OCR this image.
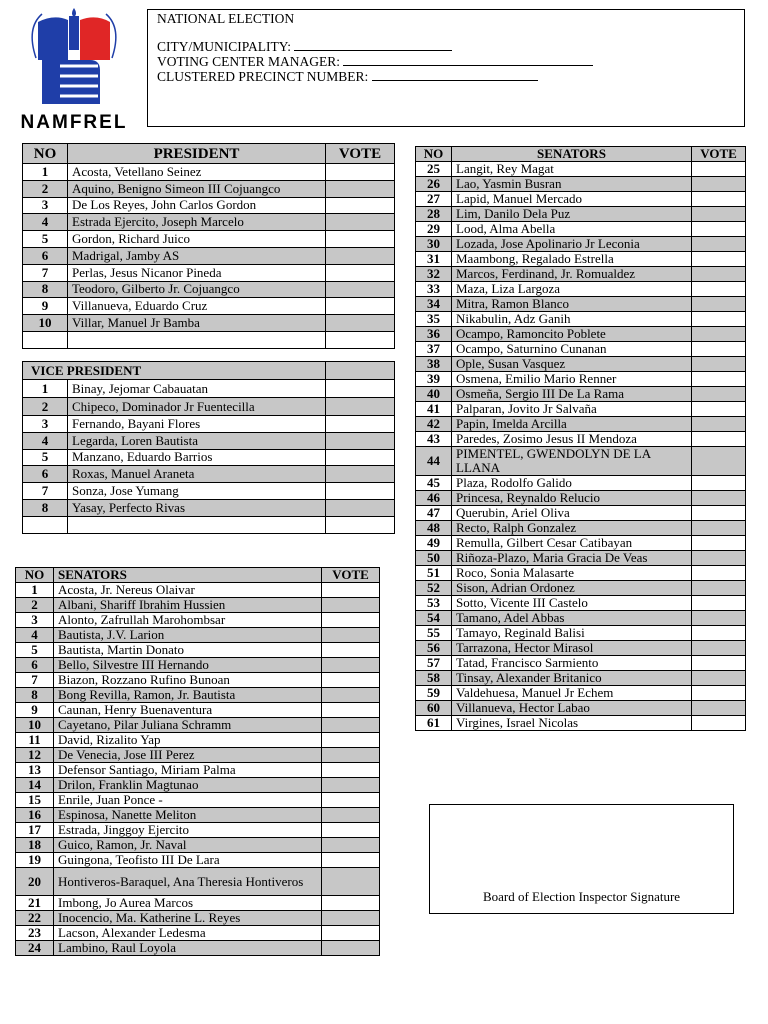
NAMFREL
NATIONAL ELECTION
CITY/MUNICIPALITY:
VOTING CENTER MANAGER:
CLUSTERED PRECINCT NUMBER:
NO	PRESIDENT	VOTE
1	Acosta, Vetellano Seinez	
2	Aquino, Benigno Simeon III Cojuangco	
3	De Los Reyes, John Carlos Gordon	
4	Estrada Ejercito, Joseph Marcelo	
5	Gordon, Richard Juico	
6	Madrigal, Jamby AS	
7	Perlas, Jesus Nicanor Pineda	
8	Teodoro, Gilberto Jr. Cojuangco	
9	Villanueva, Eduardo Cruz	
10	Villar, Manuel Jr Bamba	

VICE PRESIDENT		
1	Binay, Jejomar Cabauatan	
2	Chipeco, Dominador Jr Fuentecilla	
3	Fernando, Bayani Flores	
4	Legarda, Loren Bautista	
5	Manzano, Eduardo Barrios	
6	Roxas, Manuel Araneta	
7	Sonza, Jose Yumang	
8	Yasay, Perfecto Rivas	

NO	SENATORS	VOTE
1	Acosta, Jr. Nereus Olaivar	
2	Albani, Shariff Ibrahim Hussien	
3	Alonto, Zafrullah Marohombsar	
4	Bautista, J.V. Larion	
5	Bautista, Martin Donato	
6	Bello, Silvestre III Hernando	
7	Biazon, Rozzano Rufino Bunoan	
8	Bong Revilla, Ramon, Jr. Bautista	
9	Caunan, Henry Buenaventura	
10	Cayetano, Pilar Juliana Schramm	
11	David, Rizalito Yap	
12	De Venecia, Jose III Perez	
13	Defensor Santiago, Miriam Palma	
14	Drilon, Franklin Magtunao	
15	Enrile, Juan Ponce -	
16	Espinosa, Nanette Meliton	
17	Estrada, Jinggoy Ejercito	
18	Guico, Ramon, Jr. Naval	
19	Guingona, Teofisto III De Lara	
20	Hontiveros-Baraquel, Ana Theresia Hontiveros	
21	Imbong, Jo Aurea Marcos	
22	Inocencio, Ma. Katherine L. Reyes	
23	Lacson, Alexander Ledesma	
24	Lambino, Raul Loyola	
NO	SENATORS	VOTE
25	Langit, Rey Magat	
26	Lao, Yasmin Busran	
27	Lapid, Manuel Mercado	
28	Lim, Danilo Dela Puz	
29	Lood, Alma Abella	
30	Lozada, Jose Apolinario Jr Leconia	
31	Maambong, Regalado Estrella	
32	Marcos, Ferdinand, Jr. Romualdez	
33	Maza, Liza Largoza	
34	Mitra, Ramon Blanco	
35	Nikabulin, Adz Ganih	
36	Ocampo, Ramoncito Poblete	
37	Ocampo, Saturnino Cunanan	
38	Ople, Susan Vasquez	
39	Osmena, Emilio Mario Renner	
40	Osmeña, Sergio III De La Rama	
41	Palparan, Jovito Jr Salvaña	
42	Papin, Imelda Arcilla	
43	Paredes, Zosimo Jesus II Mendoza	
44	PIMENTEL, GWENDOLYN DE LA LLANA	
45	Plaza, Rodolfo Galido	
46	Princesa, Reynaldo Relucio	
47	Querubin, Ariel Oliva	
48	Recto, Ralph Gonzalez	
49	Remulla, Gilbert Cesar Catibayan	
50	Riñoza-Plazo, Maria Gracia De Veas	
51	Roco, Sonia Malasarte	
52	Sison, Adrian Ordonez	
53	Sotto, Vicente III Castelo	
54	Tamano, Adel Abbas	
55	Tamayo, Reginald Balisi	
56	Tarrazona, Hector Mirasol	
57	Tatad, Francisco Sarmiento	
58	Tinsay, Alexander Britanico	
59	Valdehuesa, Manuel Jr Echem	
60	Villanueva, Hector Labao	
61	Virgines, Israel Nicolas	
Board of Election Inspector Signature
